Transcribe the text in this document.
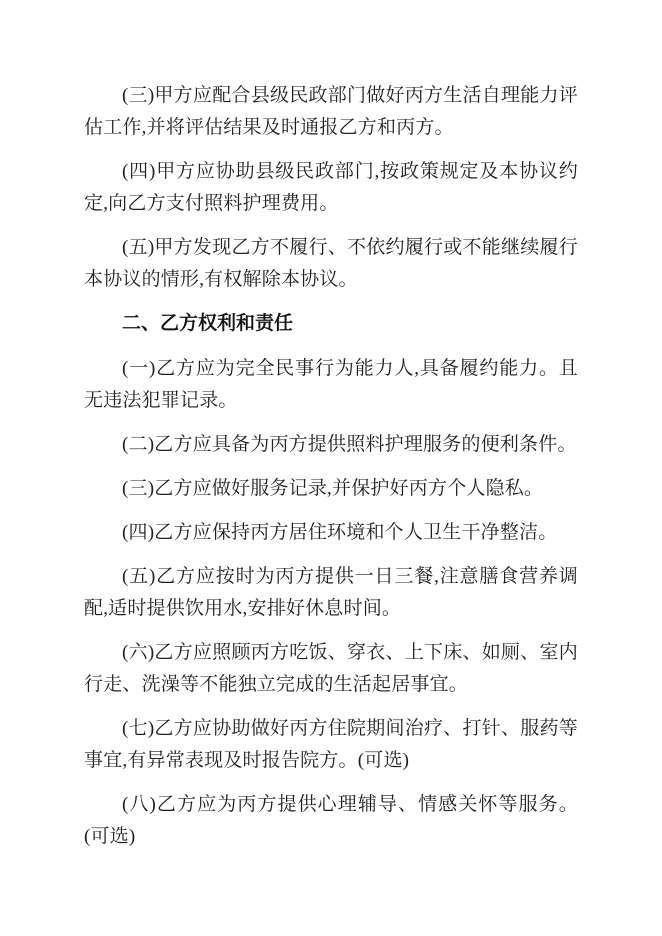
(三)甲方应配合县级民政部门做好丙方生活自理能力评估工作,并将评估结果及时通报乙方和丙方。

(四)甲方应协助县级民政部门,按政策规定及本协议约定,向乙方支付照料护理费用。

(五)甲方发现乙方不履行、不依约履行或不能继续履行本协议的情形,有权解除本协议。

二、乙方权利和责任

(一)乙方应为完全民事行为能力人,具备履约能力。且无违法犯罪记录。

(二)乙方应具备为丙方提供照料护理服务的便利条件。

(三)乙方应做好服务记录,并保护好丙方个人隐私。

(四)乙方应保持丙方居住环境和个人卫生干净整洁。

(五)乙方应按时为丙方提供一日三餐,注意膳食营养调配,适时提供饮用水,安排好休息时间。

(六)乙方应照顾丙方吃饭、穿衣、上下床、如厕、室内行走、洗澡等不能独立完成的生活起居事宜。

(七)乙方应协助做好丙方住院期间治疗、打针、服药等事宜,有异常表现及时报告院方。(可选)

(八)乙方应为丙方提供心理辅导、情感关怀等服务。(可选)
